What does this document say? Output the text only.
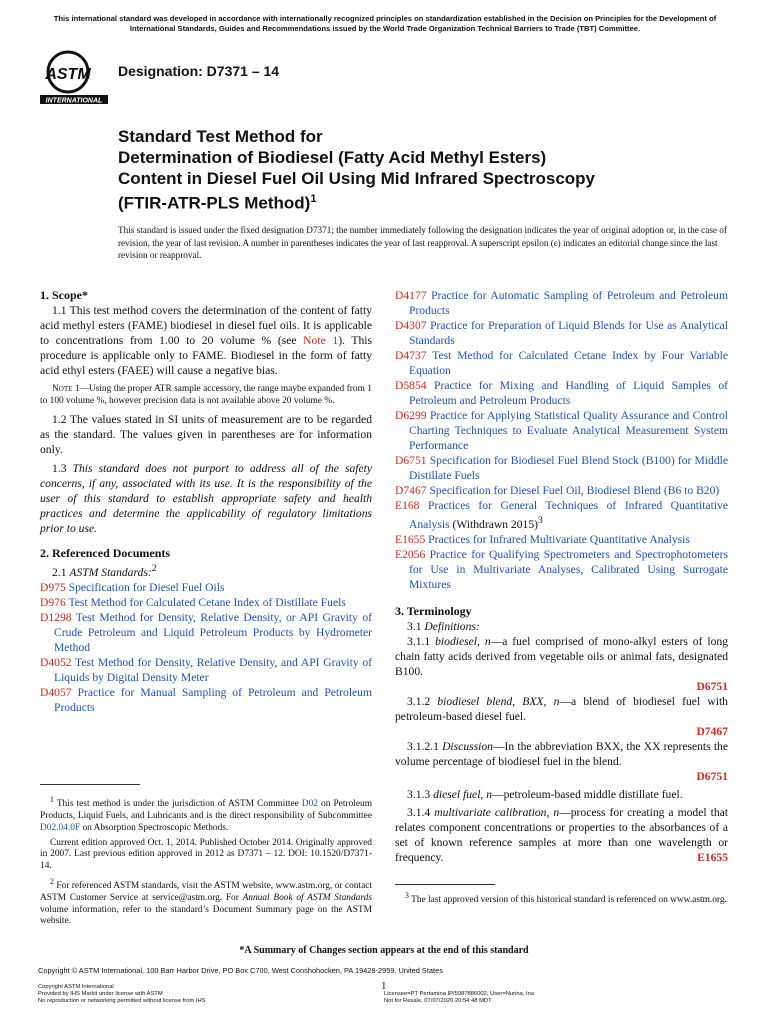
This international standard was developed in accordance with internationally recognized principles on standardization established in the Decision on Principles for the Development of International Standards, Guides and Recommendations issued by the World Trade Organization Technical Barriers to Trade (TBT) Committee.
ASTM
INTERNATIONAL
Designation: D7371 – 14
Standard Test Method for
Determination of Biodiesel (Fatty Acid Methyl Esters)
Content in Diesel Fuel Oil Using Mid Infrared Spectroscopy
(FTIR-ATR-PLS Method)$^1$
This standard is issued under the fixed designation D7371; the number immediately following the designation indicates the year of original adoption or, in the case of revision, the year of last revision. A number in parentheses indicates the year of last reapproval. A superscript epsilon (ε) indicates an editorial change since the last revision or reapproval.

1. Scope*

1.1 This test method covers the determination of the content of fatty acid methyl esters (FAME) biodiesel in diesel fuel oils. It is applicable to concentrations from 1.00 to 20 volume % (see Note 1). This procedure is applicable only to FAME. Biodiesel in the form of fatty acid ethyl esters (FAEE) will cause a negative bias.

Note 1—Using the proper ATR sample accessory, the range maybe expanded from 1 to 100 volume %, however precision data is not available above 20 volume %.

1.2 The values stated in SI units of measurement are to be regarded as the standard. The values given in parentheses are for information only.

1.3 This standard does not purport to address all of the safety concerns, if any, associated with its use. It is the responsibility of the user of this standard to establish appropriate safety and health practices and determine the applicability of regulatory limitations prior to use.

2. Referenced Documents

2.1 ASTM Standards:$^2$

D975 Specification for Diesel Fuel Oils

D976 Test Method for Calculated Cetane Index of Distillate Fuels

D1298 Test Method for Density, Relative Density, or API Gravity of Crude Petroleum and Liquid Petroleum Products by Hydrometer Method

D4052 Test Method for Density, Relative Density, and API Gravity of Liquids by Digital Density Meter

D4057 Practice for Manual Sampling of Petroleum and Petroleum Products

$^1$ This test method is under the jurisdiction of ASTM Committee D02 on Petroleum Products, Liquid Fuels, and Lubricants and is the direct responsibility of Subcommittee D02.04.0F on Absorption Spectroscopic Methods.

Current edition approved Oct. 1, 2014. Published October 2014. Originally approved in 2007. Last previous edition approved in 2012 as D7371 – 12. DOI: 10.1520/D7371-14.

$^2$ For referenced ASTM standards, visit the ASTM website, www.astm.org, or contact ASTM Customer Service at service@astm.org. For Annual Book of ASTM Standards volume information, refer to the standard’s Document Summary page on the ASTM website.

D4177 Practice for Automatic Sampling of Petroleum and Petroleum Products

D4307 Practice for Preparation of Liquid Blends for Use as Analytical Standards

D4737 Test Method for Calculated Cetane Index by Four Variable Equation

D5854 Practice for Mixing and Handling of Liquid Samples of Petroleum and Petroleum Products

D6299 Practice for Applying Statistical Quality Assurance and Control Charting Techniques to Evaluate Analytical Measurement System Performance

D6751 Specification for Biodiesel Fuel Blend Stock (B100) for Middle Distillate Fuels

D7467 Specification for Diesel Fuel Oil, Biodiesel Blend (B6 to B20)

E168 Practices for General Techniques of Infrared Quantitative Analysis (Withdrawn 2015)$^3$

E1655 Practices for Infrared Multivariate Quantitative Analysis

E2056 Practice for Qualifying Spectrometers and Spectrophotometers for Use in Multivariate Analyses, Calibrated Using Surrogate Mixtures

3. Terminology

3.1 Definitions:

3.1.1 biodiesel, n—a fuel comprised of mono-alkyl esters of long chain fatty acids derived from vegetable oils or animal fats, designated B100.
D6751

3.1.2 biodiesel blend, BXX, n—a blend of biodiesel fuel with petroleum-based diesel fuel.
D7467

3.1.2.1 Discussion—In the abbreviation BXX, the XX represents the volume percentage of biodiesel fuel in the blend.
D6751

3.1.3 diesel fuel, n—petroleum-based middle distillate fuel.

3.1.4 multivariate calibration, n—process for creating a model that relates component concentrations or properties to the absorbances of a set of known reference samples at more than one wavelength or frequency.	E1655

$^3$ The last approved version of this historical standard is referenced on www.astm.org.

*A Summary of Changes section appears at the end of this standard
Copyright © ASTM International, 100 Barr Harbor Drive, PO Box C700, West Conshohocken, PA 19428-2959. United States
Copyright ASTM International
Provided by IHS Markit under license with ASTM
No reproduction or networking permitted without license from IHS
1
Licensee=PT Pertamina IP/5987886002, User=Nurina, Ina
Not for Resale, 07/07/2020 20:54:48 MDT
